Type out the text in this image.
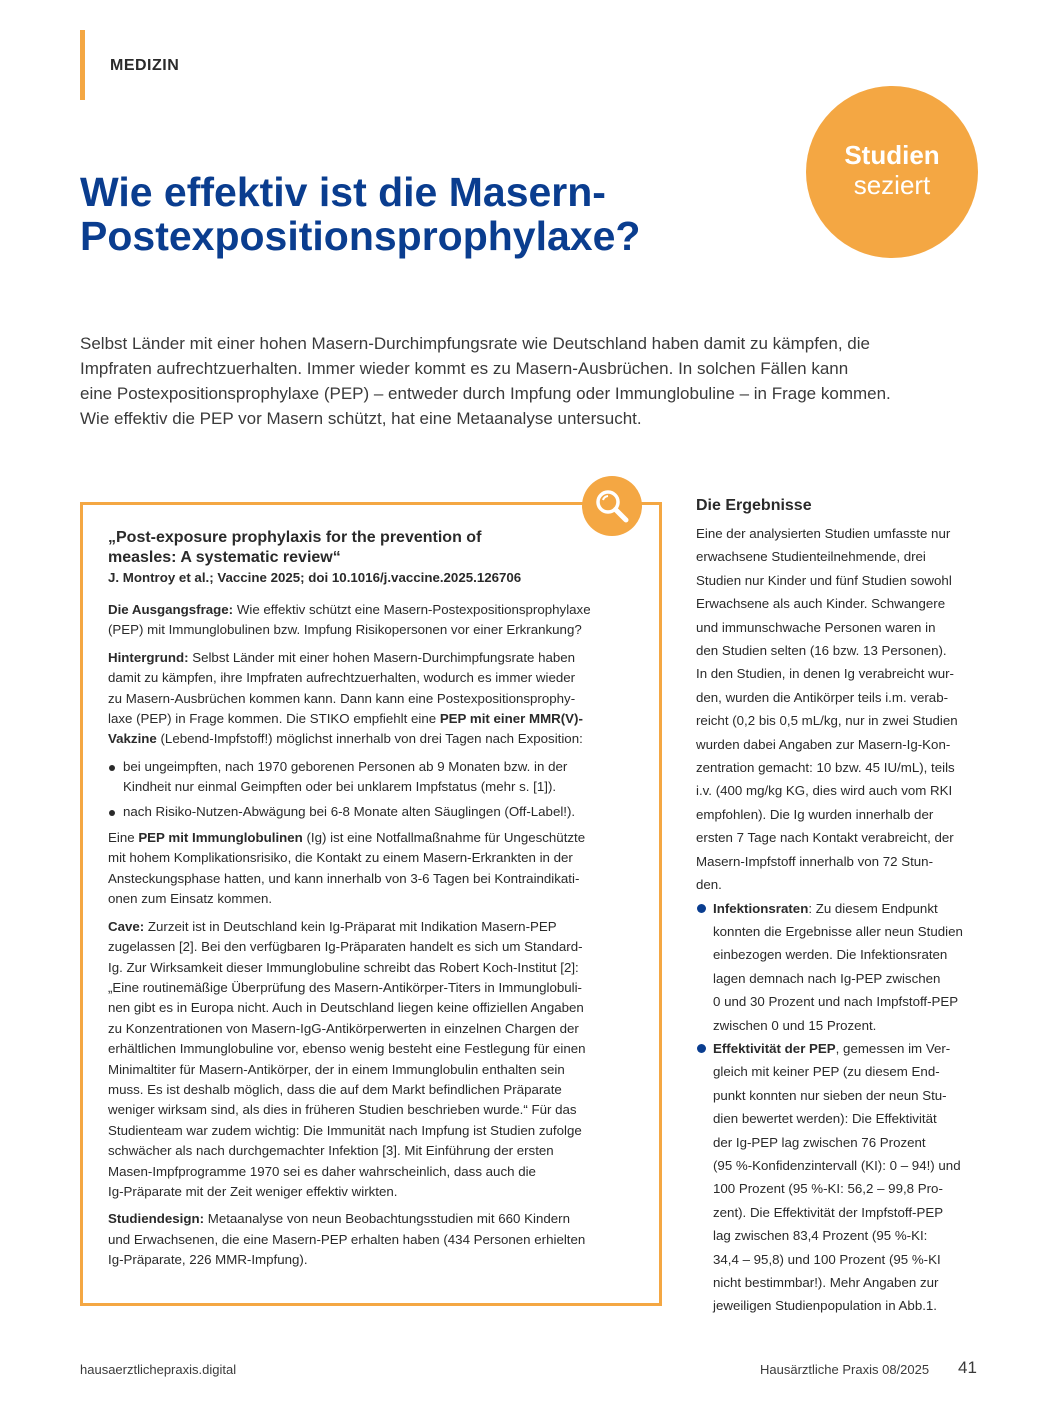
MEDIZIN
Studien
seziert
Wie effektiv ist die Masern-
Postexpositionsprophylaxe?

Selbst Länder mit einer hohen Masern-Durchimpfungsrate wie Deutschland haben damit zu kämpfen, die
Impfraten aufrechtzuerhalten. Immer wieder kommt es zu Masern-Ausbrüchen. In solchen Fällen kann
eine Postexpositionsprophylaxe (PEP) – entweder durch Impfung oder Immunglobuline – in Frage kommen.
Wie effektiv die PEP vor Masern schützt, hat eine Metaanalyse untersucht.

„Post-exposure prophylaxis for the prevention of
measles: A systematic review“

J. Montroy et al.; Vaccine 2025; doi 10.1016/j.vaccine.2025.126706

Die Ausgangsfrage: Wie effektiv schützt eine Masern-Postexpositionsprophylaxe
(PEP) mit Immunglobulinen bzw. Impfung Risikopersonen vor einer Erkrankung?

Hintergrund: Selbst Länder mit einer hohen Masern-Durchimpfungsrate haben
damit zu kämpfen, ihre Impfraten aufrechtzuerhalten, wodurch es immer wieder
zu Masern-Ausbrüchen kommen kann. Dann kann eine Postexpositionsprophy-
laxe (PEP) in Frage kommen. Die STIKO empfiehlt eine PEP mit einer MMR(V)-
Vakzine (Lebend-Impfstoff!) möglichst innerhalb von drei Tagen nach Exposition:

bei ungeimpften, nach 1970 geborenen Personen ab 9 Monaten bzw. in der
Kindheit nur einmal Geimpften oder bei unklarem Impfstatus (mehr s. [1]).
nach Risiko-Nutzen-Abwägung bei 6-8 Monate alten Säuglingen (Off-Label!).

Eine PEP mit Immunglobulinen (Ig) ist eine Notfallmaßnahme für Ungeschützte
mit hohem Komplikationsrisiko, die Kontakt zu einem Masern-Erkrankten in der
Ansteckungsphase hatten, und kann innerhalb von 3-6 Tagen bei Kontraindikati-
onen zum Einsatz kommen.

Cave: Zurzeit ist in Deutschland kein Ig-Präparat mit Indikation Masern-PEP
zugelassen [2]. Bei den verfügbaren Ig-Präparaten handelt es sich um Standard-
Ig. Zur Wirksamkeit dieser Immunglobuline schreibt das Robert Koch-Institut [2]:
„Eine routinemäßige Überprüfung des Masern-Antikörper-Titers in Immunglobuli-
nen gibt es in Europa nicht. Auch in Deutschland liegen keine offiziellen Angaben
zu Konzentrationen von Masern-IgG-Antikörperwerten in einzelnen Chargen der
erhältlichen Immunglobuline vor, ebenso wenig besteht eine Festlegung für einen
Minimaltiter für Masern-Antikörper, der in einem Immunglobulin enthalten sein
muss. Es ist deshalb möglich, dass die auf dem Markt befindlichen Präparate
weniger wirksam sind, als dies in früheren Studien beschrieben wurde.“ Für das
Studienteam war zudem wichtig: Die Immunität nach Impfung ist Studien zufolge
schwächer als nach durchgemachter Infektion [3]. Mit Einführung der ersten
Masen-Impfprogramme 1970 sei es daher wahrscheinlich, dass auch die
Ig-Präparate mit der Zeit weniger effektiv wirkten.

Studiendesign: Metaanalyse von neun Beobachtungsstudien mit 660 Kindern
und Erwachsenen, die eine Masern-PEP erhalten haben (434 Personen erhielten
Ig-Präparate, 226 MMR-Impfung).

Die Ergebnisse

Eine der analysierten Studien umfasste nur
erwachsene Studienteilnehmende, drei
Studien nur Kinder und fünf Studien sowohl
Erwachsene als auch Kinder. Schwangere
und immunschwache Personen waren in
den Studien selten (16 bzw. 13 Personen).
In den Studien, in denen Ig verabreicht wur-
den, wurden die Antikörper teils i.m. verab-
reicht (0,2 bis 0,5 mL/kg, nur in zwei Studien
wurden dabei Angaben zur Masern-Ig-Kon-
zentration gemacht: 10 bzw. 45 IU/mL), teils
i.v. (400 mg/kg KG, dies wird auch vom RKI
empfohlen). Die Ig wurden innerhalb der
ersten 7 Tage nach Kontakt verabreicht, der
Masern-Impfstoff innerhalb von 72 Stun-
den.

Infektionsraten: Zu diesem Endpunkt
konnten die Ergebnisse aller neun Studien
einbezogen werden. Die Infektionsraten
lagen demnach nach Ig-PEP zwischen
0 und 30 Prozent und nach Impfstoff-PEP
zwischen 0 und 15 Prozent.
Effektivität der PEP, gemessen im Ver-
gleich mit keiner PEP (zu diesem End-
punkt konnten nur sieben der neun Stu-
dien bewertet werden): Die Effektivität
der Ig-PEP lag zwischen 76 Prozent
(95 %-Konfidenzintervall (KI): 0 – 94!) und
100 Prozent (95 %-KI: 56,2 – 99,8 Pro-
zent). Die Effektivität der Impfstoff-PEP
lag zwischen 83,4 Prozent (95 %-KI:
34,4 – 95,8) und 100 Prozent (95 %-KI
nicht bestimmbar!). Mehr Angaben zur
jeweiligen Studienpopulation in Abb.1.
hausaerztlichepraxis.digital	Hausärztliche Praxis 08/2025 41
